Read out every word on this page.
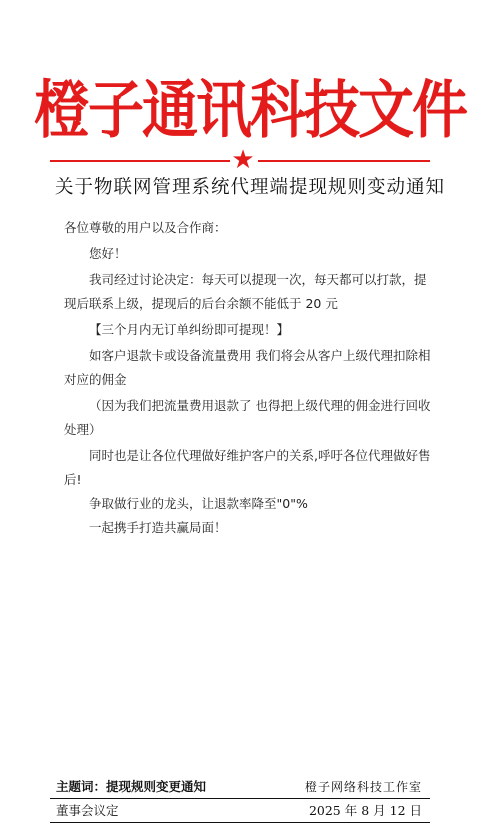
橙子通讯科技文件
★
关于物联网管理系统代理端提现规则变动通知

各位尊敬的用户以及合作商：

您好！

我司经过讨论决定：每天可以提现一次，每天都可以打款，提现后联系上级，提现后的后台余额不能低于 20 元

【三个月内无订单纠纷即可提现！】

如客户退款卡或设备流量费用 我们将会从客户上级代理扣除相对应的佣金

（因为我们把流量费用退款了 也得把上级代理的佣金进行回收处理）

同时也是让各位代理做好维护客户的关系,呼吁各位代理做好售后!

争取做行业的龙头，让退款率降至"0"%

一起携手打造共赢局面！

主题词：提现规则变更通知	橙子网络科技工作室
董事会议定	2025 年 8 月 12 日
